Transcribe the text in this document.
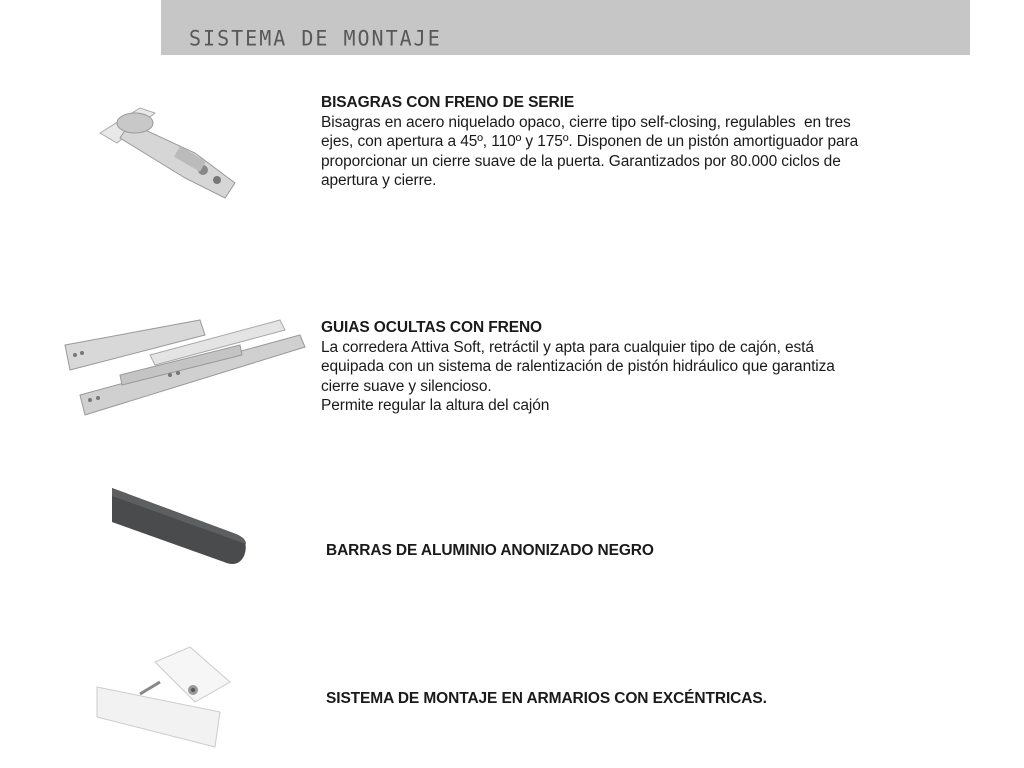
SISTEMA DE MONTAJE
BISAGRAS CON FRENO DE SERIE
Bisagras en acero niquelado opaco, cierre tipo self-closing, regulables  en tres
ejes, con apertura a 45º, 110º y 175º. Disponen de un pistón amortiguador para
proporcionar un cierre suave de la puerta. Garantizados por 80.000 ciclos de
apertura y cierre.
GUIAS OCULTAS CON FRENO
La corredera Attiva Soft, retráctil y apta para cualquier tipo de cajón, está
equipada con un sistema de ralentización de pistón hidráulico que garantiza
cierre suave y silencioso.
Permite regular la altura del cajón
BARRAS DE ALUMINIO ANONIZADO NEGRO
SISTEMA DE MONTAJE EN ARMARIOS CON EXCÉNTRICAS.
